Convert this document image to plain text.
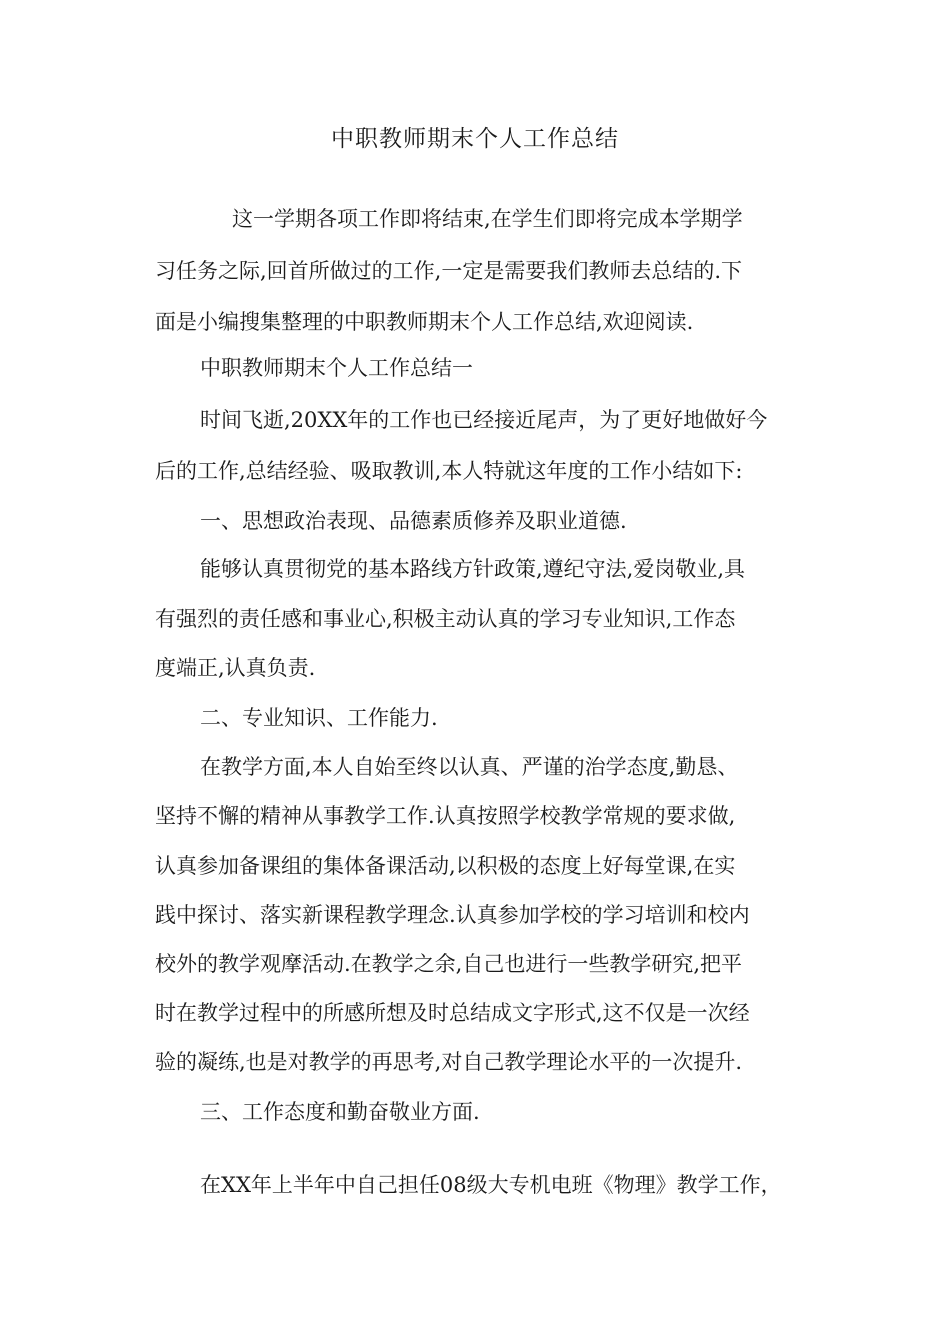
中职教师期末个人工作总结
这一学期各项工作即将结束,在学生们即将完成本学期学
习任务之际,回首所做过的工作,一定是需要我们教师去总结的.下
面是小编搜集整理的中职教师期末个人工作总结,欢迎阅读.
中职教师期末个人工作总结一
时间飞逝,20XX年的工作也已经接近尾声，为了更好地做好今
后的工作,总结经验、吸取教训,本人特就这年度的工作小结如下:
一、思想政治表现、品德素质修养及职业道德.
能够认真贯彻党的基本路线方针政策,遵纪守法,爱岗敬业,具
有强烈的责任感和事业心,积极主动认真的学习专业知识,工作态
度端正,认真负责.
二、专业知识、工作能力.
在教学方面,本人自始至终以认真、严谨的治学态度,勤恳、
坚持不懈的精神从事教学工作.认真按照学校教学常规的要求做,
认真参加备课组的集体备课活动,以积极的态度上好每堂课,在实
践中探讨、落实新课程教学理念.认真参加学校的学习培训和校内
校外的教学观摩活动.在教学之余,自己也进行一些教学研究,把平
时在教学过程中的所感所想及时总结成文字形式,这不仅是一次经
验的凝练,也是对教学的再思考,对自己教学理论水平的一次提升.
三、工作态度和勤奋敬业方面.
在XX年上半年中自己担任08级大专机电班《物理》教学工作，
